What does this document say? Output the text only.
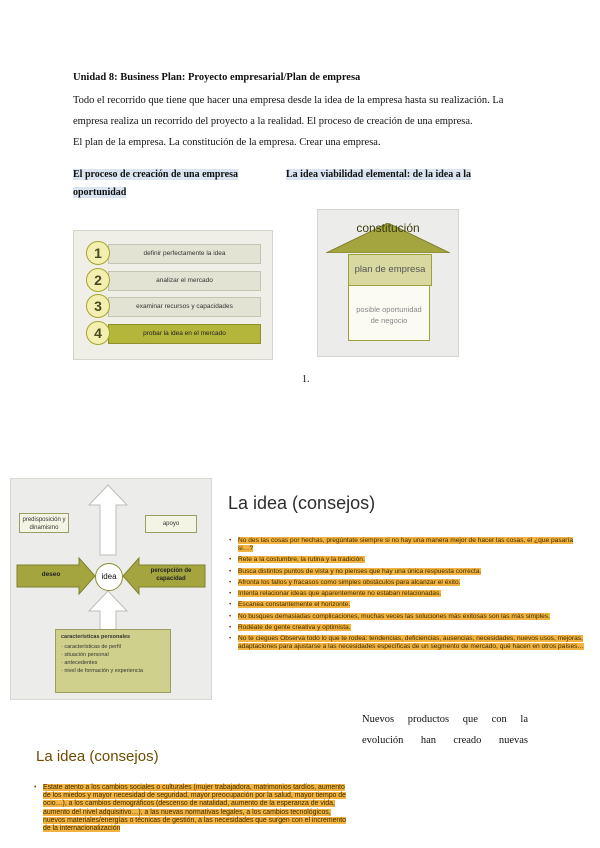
Unidad 8: Business Plan: Proyecto empresarial/Plan de empresa
Todo el recorrido que tiene que hacer una empresa desde la idea de la empresa hasta su realización. La
empresa realiza un recorrido del proyecto a la realidad. El proceso de creación de una empresa.
El plan de la empresa. La constitución de la empresa. Crear una empresa.
El proceso de creación de una empresa
oportunidad
La idea viabilidad elemental: de la idea a la
definir perfectamente la idea
1
analizar el mercado
2
examinar recursos y capacidades
3
probar la idea en el mercado
4
constitución
plan de empresa
posible oportunidad
de negocio
1.
predisposición y dinamismo
apoyo
deseo	percepción de capacidad
idea
características personales
· características de perfil
· situación personal
· antecedentes
· nivel de formación y experiencia
La idea (consejos)
• No des las cosas por hechas, pregúntate siempre si no hay una manera mejor de hacer las cosas, el ¿que pasaría si…?
• Rete a la costumbre, la rutina y la tradición.
• Busca distintos puntos de vista y no pienses que hay una única respuesta correcta.
• Afronta los fallos y fracasos como simples obstáculos para alcanzar el éxito.
• Intenta relacionar ideas que aparentemente no estaban relacionadas.
• Escanea constantemente el horizonte.
• No busques demasiadas complicaciones, muchas veces las soluciones más exitosas son las más simples.
• Rodéate de gente creativa y optimista.
• No te ciegues Observa todo lo que te rodea: tendencias, deficiencias, ausencias, necesidades, nuevos usos, mejoras, adaptaciones para ajustarse a las necesidades específicas de un segmento de mercado, qué hacen en otros países…
Nuevos productos que con la
evolución han creado nuevas
La idea (consejos)
• Estate atento a los cambios sociales o culturales (mujer trabajadora, matrimonios tardíos, aumento de los miedos y mayor necesidad de seguridad, mayor preocupación por la salud, mayor tiempo de ocio…), a los cambios demográficos (descenso de natalidad, aumento de la esperanza de vida, aumento del nivel adquisitivo…), a las nuevas normativas legales, a los cambios tecnológicos, nuevos materiales/energías o técnicas de gestión, a las necesidades que surgen con el incremento de la internacionalización
